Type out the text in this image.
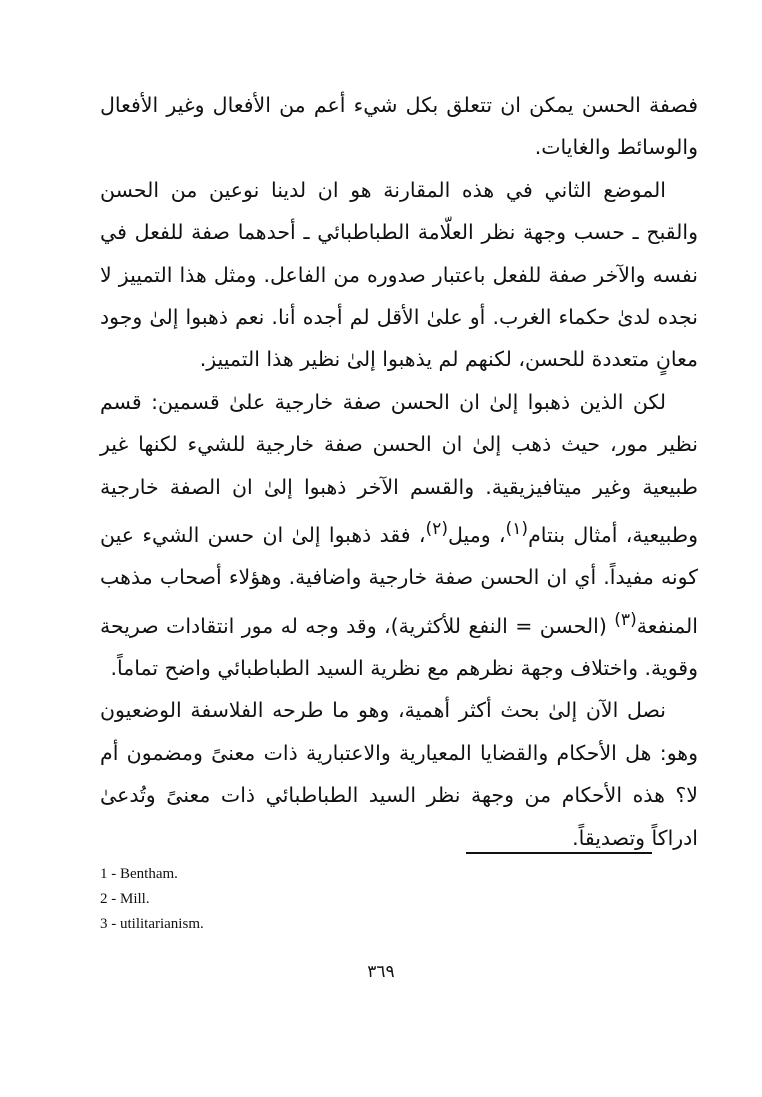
فصفة الحسن يمكن ان تتعلق بكل شيء أعم من الأفعال وغير الأفعال والوسائط والغايات.

الموضع الثاني في هذه المقارنة هو ان لدينا نوعين من الحسن والقبح ـ حسب وجهة نظر العلّامة الطباطبائي ـ أحدهما صفة للفعل في نفسه والآخر صفة للفعل باعتبار صدوره من الفاعل. ومثل هذا التمييز لا نجده لدىٰ حكماء الغرب. أو علىٰ الأقل لم أجده أنا. نعم ذهبوا إلىٰ وجود معانٍ متعددة للحسن، لكنهم لم يذهبوا إلىٰ نظير هذا التمييز.

لكن الذين ذهبوا إلىٰ ان الحسن صفة خارجية علىٰ قسمين: قسم نظير مور، حيث ذهب إلىٰ ان الحسن صفة خارجية للشيء لكنها غير طبيعية وغير ميتافيزيقية. والقسم الآخر ذهبوا إلىٰ ان الصفة خارجية وطبيعية، أمثال بنتام$^{(١)}$، وميل$^{(٢)}$، فقد ذهبوا إلىٰ ان حسن الشيء عين كونه مفيداً. أي ان الحسن صفة خارجية واضافية. وهؤلاء أصحاب مذهب المنفعة$^{(٣)}$ (الحسن = النفع للأكثرية)، وقد وجه له مور انتقادات صريحة وقوية. واختلاف وجهة نظرهم مع نظرية السيد الطباطبائي واضح تماماً.

نصل الآن إلىٰ بحث أكثر أهمية، وهو ما طرحه الفلاسفة الوضعيون وهو: هل الأحكام والقضايا المعيارية والاعتبارية ذات معنىً ومضمون أم لا؟ هذه الأحكام من وجهة نظر السيد الطباطبائي ذات معنىً وتُدعىٰ ادراكاً وتصديقاً.

1 - Bentham.
2 - Mill.
3 - utilitarianism.
٣٦٩
